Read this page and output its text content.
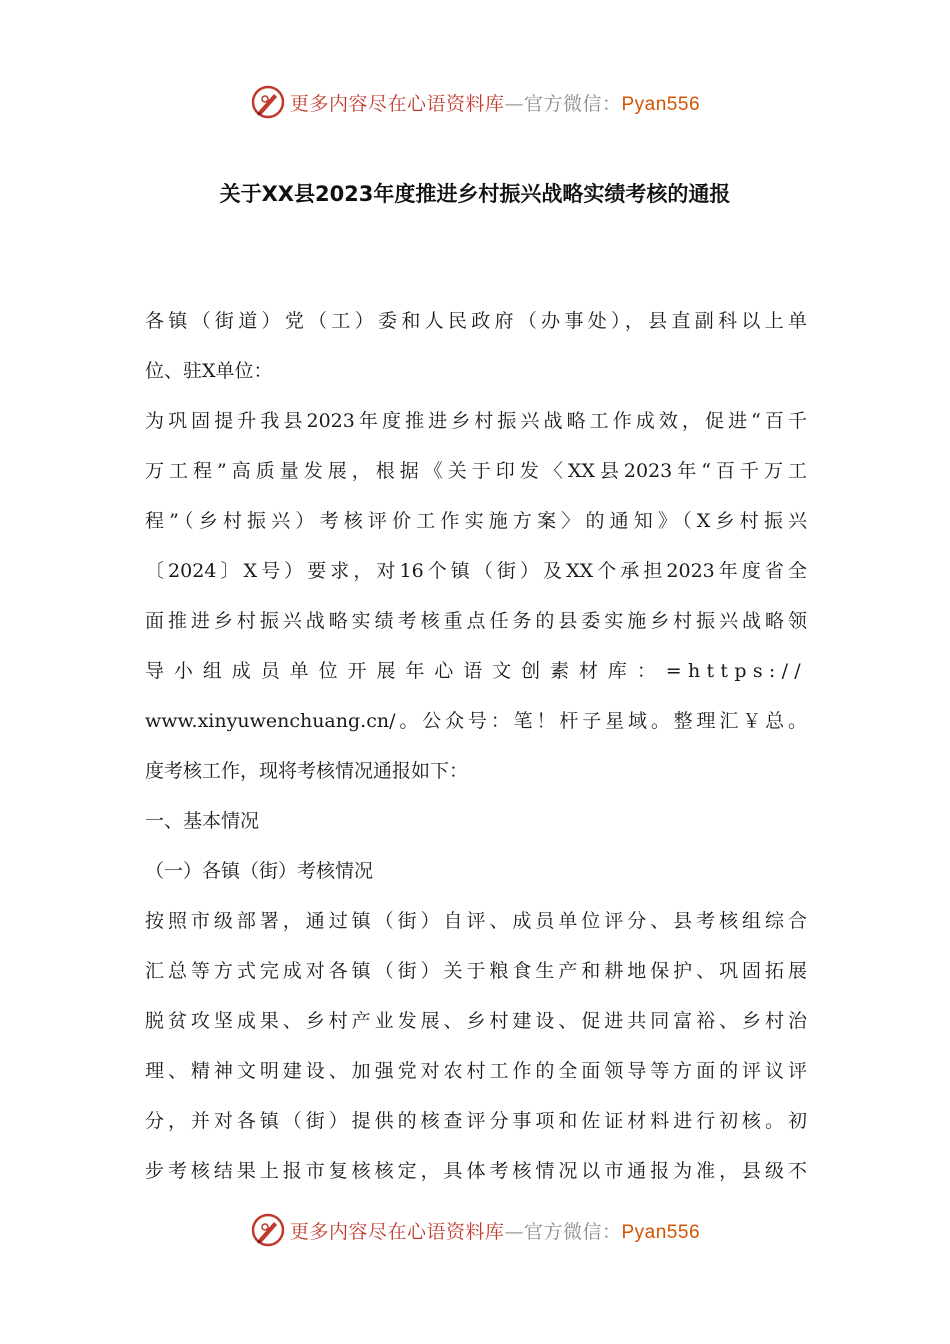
更多内容尽在心语资料库—官方微信：Pyan556
关于XX县2023年度推进乡村振兴战略实绩考核的通报
各镇（街道）党（工）委和人民政府（办事处），县直副科以上单
位、驻X单位：
为巩固提升我县2023年度推进乡村振兴战略工作成效，促进“百千
万工程”高质量发展，根据《关于印发〈XX县2023年“百千万工
程”（乡村振兴）考核评价工作实施方案〉的通知》（X乡村振兴
〔2024〕X号）要求，对16个镇（街）及XX个承担2023年度省全
面推进乡村振兴战略实绩考核重点任务的县委实施乡村振兴战略领
导小组成员单位开展年心语文创素材库：=https://
www.xinyuwenchuang.cn/。公众号：笔！杆子星域。整理汇￥总。
度考核工作，现将考核情况通报如下：
一、基本情况
（一）各镇（街）考核情况
按照市级部署，通过镇（街）自评、成员单位评分、县考核组综合
汇总等方式完成对各镇（街）关于粮食生产和耕地保护、巩固拓展
脱贫攻坚成果、乡村产业发展、乡村建设、促进共同富裕、乡村治
理、精神文明建设、加强党对农村工作的全面领导等方面的评议评
分，并对各镇（街）提供的核查评分事项和佐证材料进行初核。初
步考核结果上报市复核核定，具体考核情况以市通报为准，县级不
更多内容尽在心语资料库—官方微信：Pyan556
